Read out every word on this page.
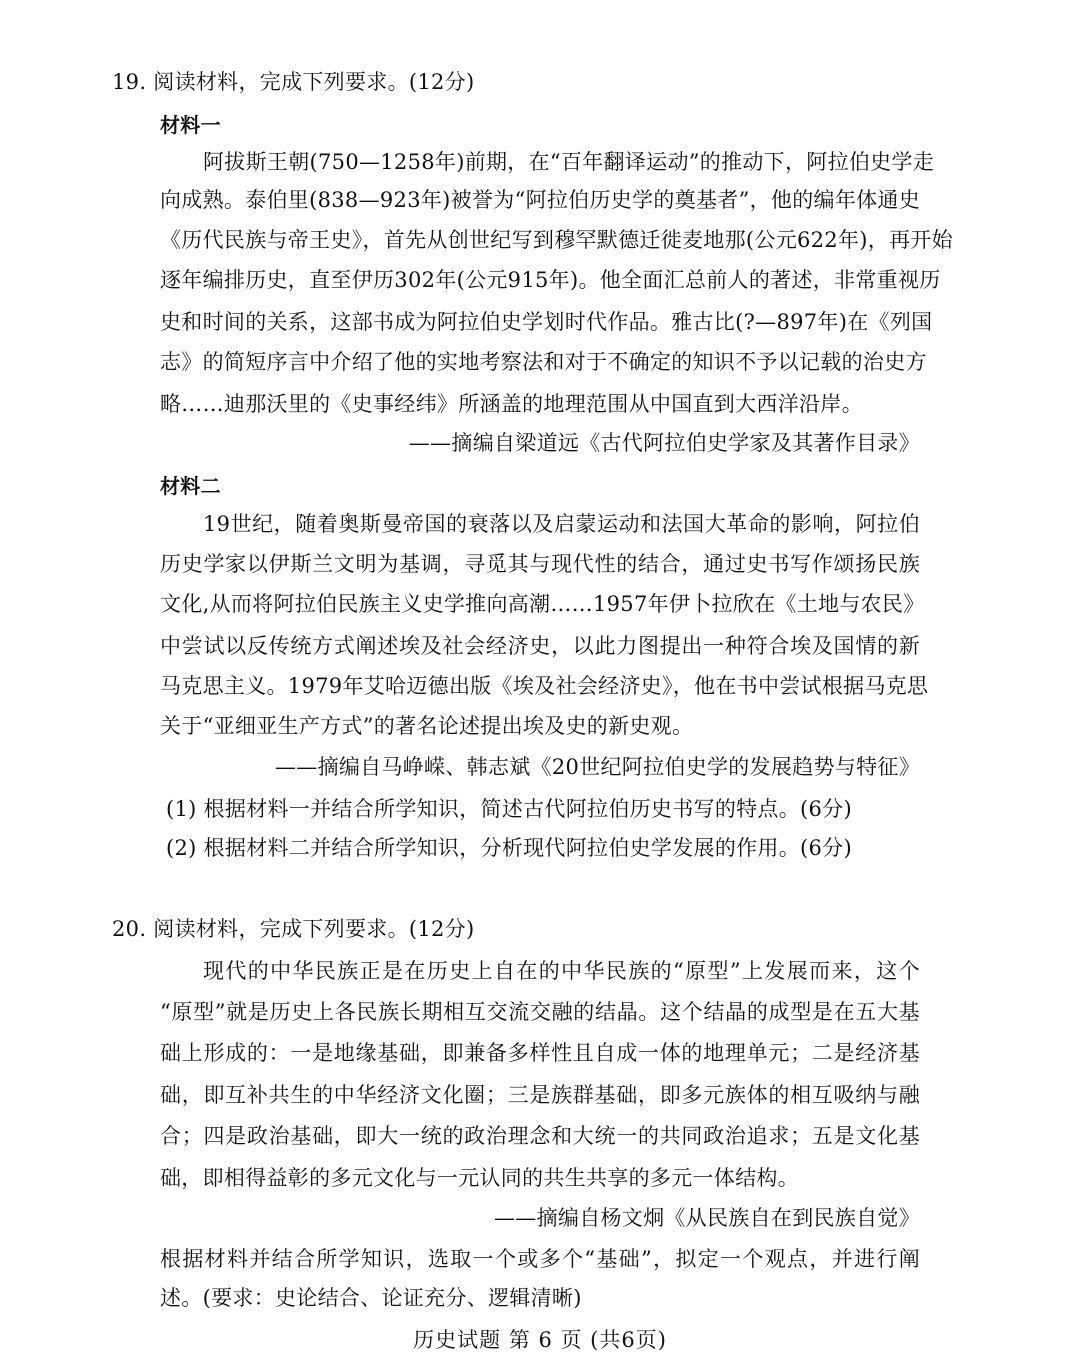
19. 阅读材料，完成下列要求。(12分)
材料一
阿拔斯王朝(750—1258年)前期，在“百年翻译运动”的推动下，阿拉伯史学走
向成熟。泰伯里(838—923年)被誉为“阿拉伯历史学的奠基者”，他的编年体通史
《历代民族与帝王史》，首先从创世纪写到穆罕默德迁徙麦地那(公元622年)，再开始
逐年编排历史，直至伊历302年(公元915年)。他全面汇总前人的著述，非常重视历
史和时间的关系，这部书成为阿拉伯史学划时代作品。雅古比(?—897年)在《列国
志》的简短序言中介绍了他的实地考察法和对于不确定的知识不予以记载的治史方
略……迪那沃里的《史事经纬》所涵盖的地理范围从中国直到大西洋沿岸。
——摘编自梁道远《古代阿拉伯史学家及其著作目录》
材料二
19世纪，随着奥斯曼帝国的衰落以及启蒙运动和法国大革命的影响，阿拉伯
历史学家以伊斯兰文明为基调，寻觅其与现代性的结合，通过史书写作颂扬民族
文化,从而将阿拉伯民族主义史学推向高潮……1957年伊卜拉欣在《土地与农民》
中尝试以反传统方式阐述埃及社会经济史，以此力图提出一种符合埃及国情的新
马克思主义。1979年艾哈迈德出版《埃及社会经济史》，他在书中尝试根据马克思
关于“亚细亚生产方式”的著名论述提出埃及史的新史观。
——摘编自马峥嵘、韩志斌《20世纪阿拉伯史学的发展趋势与特征》
(1) 根据材料一并结合所学知识，简述古代阿拉伯历史书写的特点。(6分)
(2) 根据材料二并结合所学知识，分析现代阿拉伯史学发展的作用。(6分)
20. 阅读材料，完成下列要求。(12分)
现代的中华民族正是在历史上自在的中华民族的“原型”上发展而来，这个
“原型”就是历史上各民族长期相互交流交融的结晶。这个结晶的成型是在五大基
础上形成的：一是地缘基础，即兼备多样性且自成一体的地理单元；二是经济基
础，即互补共生的中华经济文化圈；三是族群基础，即多元族体的相互吸纳与融
合；四是政治基础，即大一统的政治理念和大统一的共同政治追求；五是文化基
础，即相得益彰的多元文化与一元认同的共生共享的多元一体结构。
——摘编自杨文炯《从民族自在到民族自觉》
根据材料并结合所学知识，选取一个或多个“基础”，拟定一个观点，并进行阐
述。(要求：史论结合、论证充分、逻辑清晰)
历史试题 第 6 页 (共6页)
